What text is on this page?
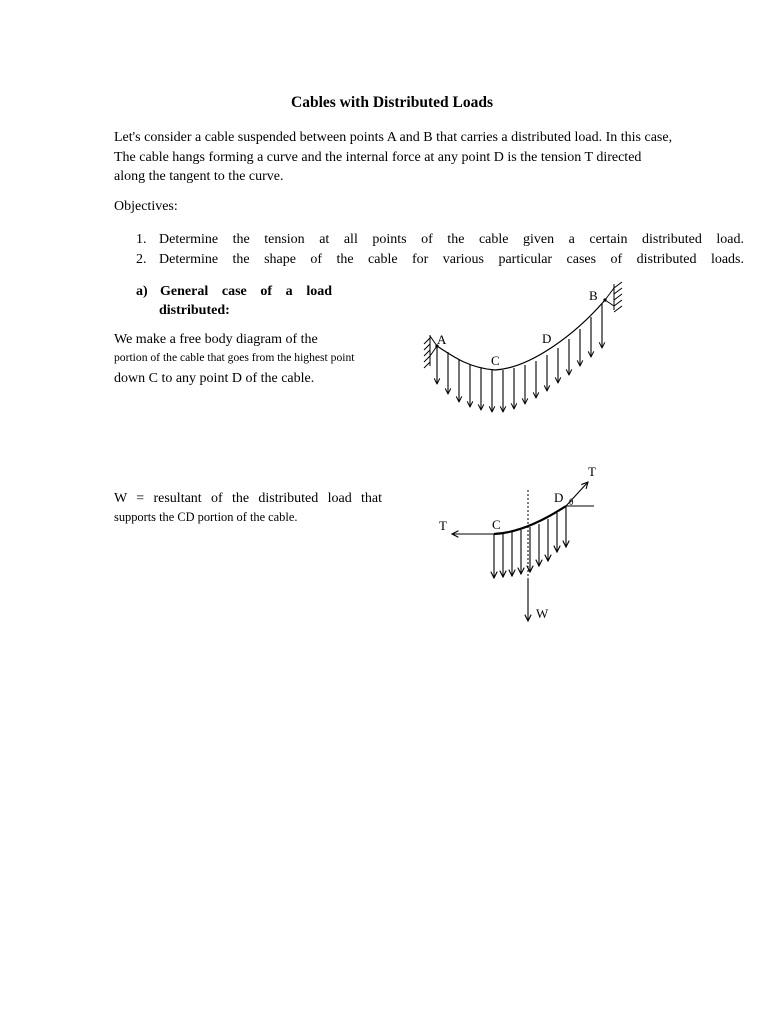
Cables with Distributed Loads
Let's consider a cable suspended between points A and B that carries a distributed load. In this case,
The cable hangs forming a curve and the internal force at any point D is the tension T directed
along the tangent to the curve.
Objectives:
1. Determine the tension at all points of the cable given a certain distributed load.
2. Determine the shape of the cable for various particular cases of distributed loads.
a) General case of a load
distributed:
We make a free body diagram of the
portion of the cable that goes from the highest point
down C to any point D of the cable.
W = resultant of the distributed load that
supports the CD portion of the cable.
A
B
C
D
T	C
D θ
T
W
